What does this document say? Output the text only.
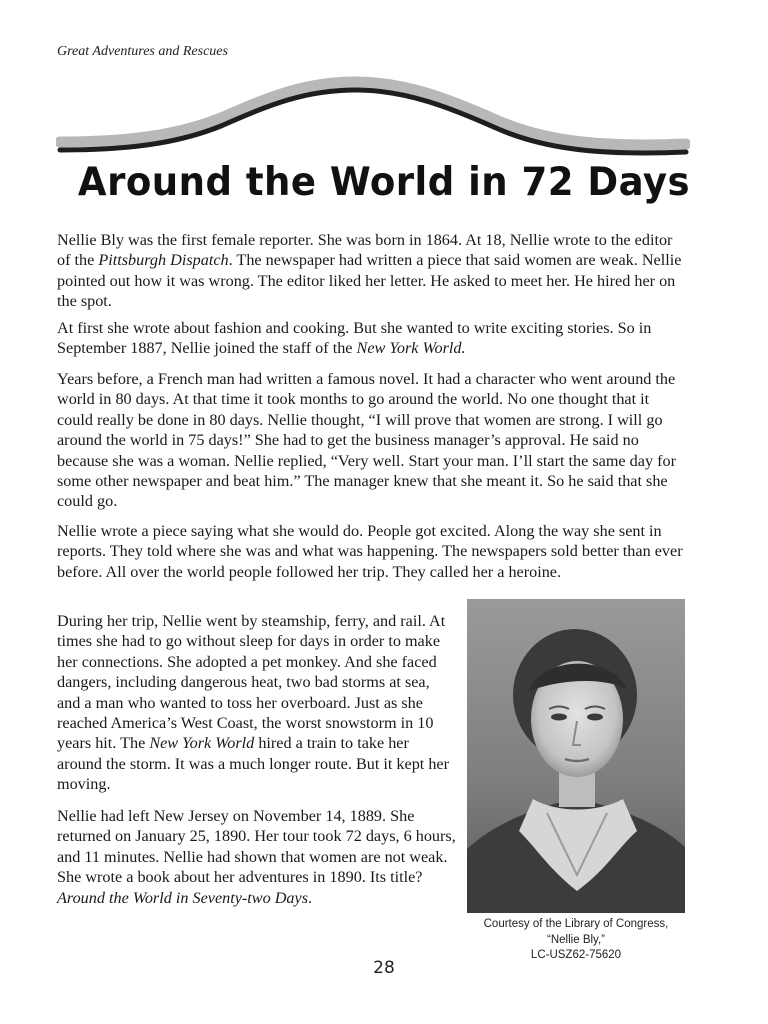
Great Adventures and Rescues
Around the World in 72 Days

Nellie Bly was the first female reporter. She was born in 1864. At 18, Nellie wrote to the editor of the Pittsburgh Dispatch. The newspaper had written a piece that said women are weak. Nellie pointed out how it was wrong. The editor liked her letter. He asked to meet her. He hired her on the spot.

At first she wrote about fashion and cooking. But she wanted to write exciting stories. So in September 1887, Nellie joined the staff of the New York World.

Years before, a French man had written a famous novel. It had a character who went around the world in 80 days. At that time it took months to go around the world. No one thought that it could really be done in 80 days. Nellie thought, “I will prove that women are strong. I will go around the world in 75 days!” She had to get the business manager’s approval. He said no because she was a woman. Nellie replied, “Very well. Start your man. I’ll start the same day for some other newspaper and beat him.” The manager knew that she meant it. So he said that she could go.

Nellie wrote a piece saying what she would do. People got excited. Along the way she sent in reports. They told where she was and what was happening. The newspapers sold better than ever before. All over the world people followed her trip. They called her a heroine.

During her trip, Nellie went by steamship, ferry, and rail. At times she had to go without sleep for days in order to make her connections. She adopted a pet monkey. And she faced dangers, including dangerous heat, two bad storms at sea, and a man who wanted to toss her overboard. Just as she reached America’s West Coast, the worst snowstorm in 10 years hit. The New York World hired a train to take her around the storm. It was a much longer route. But it kept her moving.

Nellie had left New Jersey on November 14, 1889. She returned on January 25, 1890. Her tour took 72 days, 6 hours, and 11 minutes. Nellie had shown that women are not weak. She wrote a book about her adventures in 1890. Its title? Around the World in Seventy-two Days.

Courtesy of the Library of Congress,
“Nellie Bly,”
LC-USZ62-75620
28
